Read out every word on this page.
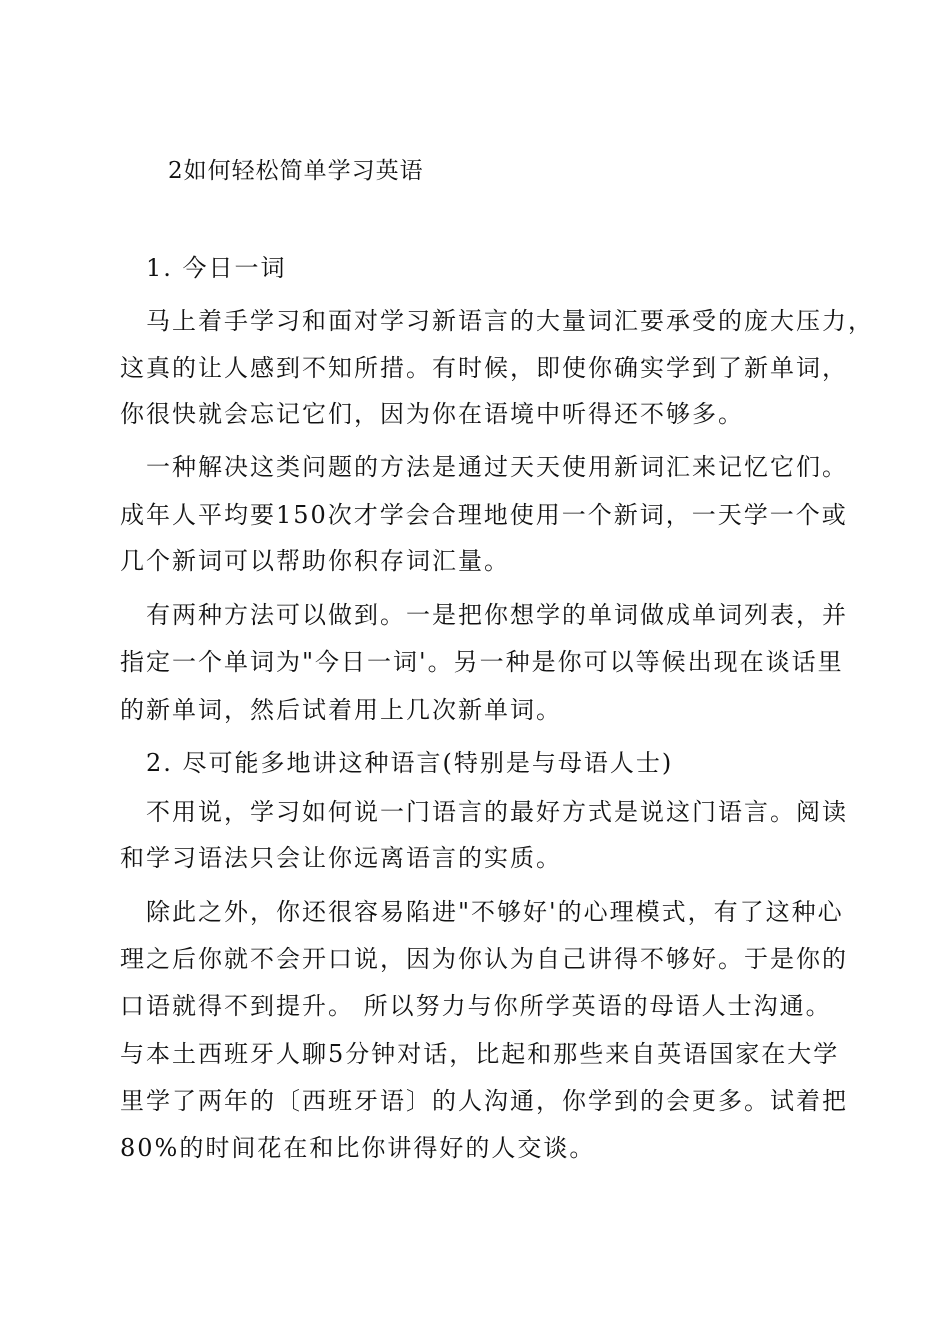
2如何轻松简单学习英语
1. 今日一词
马上着手学习和面对学习新语言的大量词汇要承受的庞大压力，
这真的让人感到不知所措。有时候，即使你确实学到了新单词，
你很快就会忘记它们，因为你在语境中听得还不够多。
一种解决这类问题的方法是通过天天使用新词汇来记忆它们。
成年人平均要150次才学会合理地使用一个新词，一天学一个或
几个新词可以帮助你积存词汇量。
有两种方法可以做到。一是把你想学的单词做成单词列表，并
指定一个单词为"今日一词'。另一种是你可以等候出现在谈话里
的新单词，然后试着用上几次新单词。
2. 尽可能多地讲这种语言(特别是与母语人士)
不用说，学习如何说一门语言的最好方式是说这门语言。阅读
和学习语法只会让你远离语言的实质。
除此之外，你还很容易陷进"不够好'的心理模式，有了这种心
理之后你就不会开口说，因为你认为自己讲得不够好。于是你的
口语就得不到提升。 所以努力与你所学英语的母语人士沟通。
与本土西班牙人聊5分钟对话，比起和那些来自英语国家在大学
里学了两年的〔西班牙语〕的人沟通，你学到的会更多。试着把
80%的时间花在和比你讲得好的人交谈。
